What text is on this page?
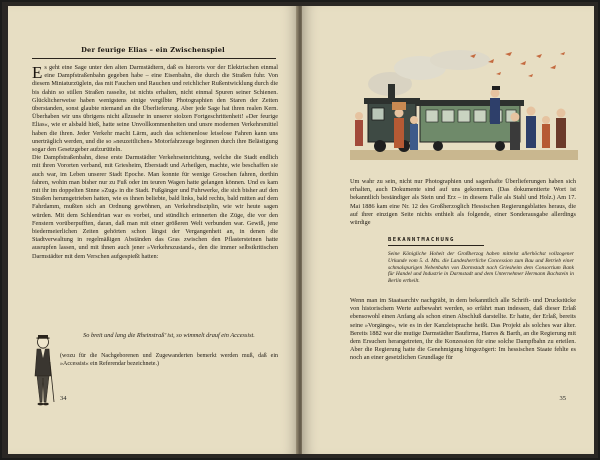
Der feurige Elias – ein Zwischenspiel

Es geht eine Sage unter den alten Darmstädtern, daß es hierorts vor der Elektrischen einmal eine Dampfstraßenbahn gegeben habe – eine Eisenbahn, die durch die Straßen fuhr. Von diesem Miniaturzüglein, das mit Fauchen und Rauchen und reichlicher Rußentwicklung durch die bis dahin so stillen Straßen rasselte, ist nichts erhalten, nicht einmal Spuren seiner Schienen. Glücklicherweise haben wenigstens einige vergilbte Photographien den Staren der Zeiten überstanden, sonst glaubte niemand an die Überlieferung. Aber jede Sage hat ihren realen Kern. Überhaben wir uns übrigens nicht allzusehr in unserer stolzen Fortgeschrittenheit! »Der feurige Elias«, wie er alsbald hieß, hatte seine Unvollkommenheiten und unsre modernen Verkehrsmittel haben die ihren. Jeder Verkehr macht Lärm, auch das schienenlose leiselose Fahren kann uns unerträglich werden, und die so »neuzeitlichen« Motorfahrzeuge beginnen durch ihre Belästigung sogar den Gesetzgeber aufzurütteln.

Die Dampfstraßenbahn, diese erste Darmstädter Verkehrseinrichtung, welche die Stadt endlich mit ihren Vororten verband, mit Griesheim, Eberstadt und Arheilgen, machte, wie beschaffen sie auch war, im Leben unserer Stadt Epoche. Man konnte für wenige Groschen fahren, dorthin fahren, wohin man bisher nur zu Fuß oder im teuren Wagen hatte gelangen können. Und es kam mit ihr im doppelten Sinne »Zug« in die Stadt. Fußgänger und Fuhrwerke, die sich bisher auf den Straßen herumgetrieben hatten, wie es ihnen beliebte, bald links, bald rechts, bald mitten auf dem Fahrdamm, mußten sich an Ordnung gewöhnen, an Verkehrsdisziplin, wie wir heute sagen würden. Mit dem Schlendrian war es vorbei, und stündlich erinnerten die Züge, die vor den Fenstern vorüberpufften, daran, daß man mit einer größeren Welt verbunden war. Gewiß, jene biedermeierlichen Zeiten gehörten schon längst der Vergangenheit an, in denen die Stadtverwaltung in regelmäßigen Abständen das Gras zwischen den Pflastersteinen hatte ausrupfen lassen, und mit ihnen auch jener »Verkehrszustand«, den die immer selbstkritischen Darmstädter mit dem Verschen aufgespießt hatten:

So breit und lang die Rheinstraß’ ist, so wimmelt drauf ein Accessist.

(wozu für die Nachgeborenen und Zugewanderten bemerkt werden muß, daß ein »Accessist« ein Referendar bezeichnete.)

34
Um wahr zu sein, nicht nur Photographien und sagenhafte Überlieferungen haben sich erhalten, auch Dokumente sind auf uns gekommen. (Das dokumentierte Wort ist bekanntlich beständiger als Stein und Erz – in diesem Falle als Stahl und Holz.) Am 17. Mai 1886 kam eine Nr. 12 des Großherzoglich Hessischen Regierungsblattes heraus, die auf ihrer einzigen Seite nichts enthielt als folgende, einer Sonderausgabe allerdings würdige
BEKANNTMACHUNG
Seine Königliche Hoheit der Großherzog haben mittelst allerhöchst vollzogener Urkunde vom 5. d. Mts. die Landesherrliche Concession zum Bau und Betrieb einer schmalspurigen Nebenbahn von Darmstadt nach Griesheim dem Consortium Bank für Handel und Industrie in Darmstadt und dem Unternehmer Hermann Bachstein in Berlin ertheilt.
Wenn man im Staatsarchiv nachgräbt, in dem bekanntlich alle Schrift- und Druckstücke von historischem Werte aufbewahrt werden, so erfährt man indessen, daß dieser Erlaß ebensowohl einen Anfang als schon einen Abschluß darstellte. Er hatte, der Erlaß, bereits seine »Vorgänge«, wie es in der Kanzleisprache heißt. Das Projekt als solches war älter. Bereits 1882 war die mutige Darmstädter Baufirma, Harres & Barth, an die Regierung mit dem Ersuchen herangetreten, ihr die Konzession für eine solche Dampfbahn zu erteilen. Aber die Regierung hatte die Genehmigung hingezögert: Im hessischen Staate fehlte es noch an einer gesetzlichen Grundlage für
35
